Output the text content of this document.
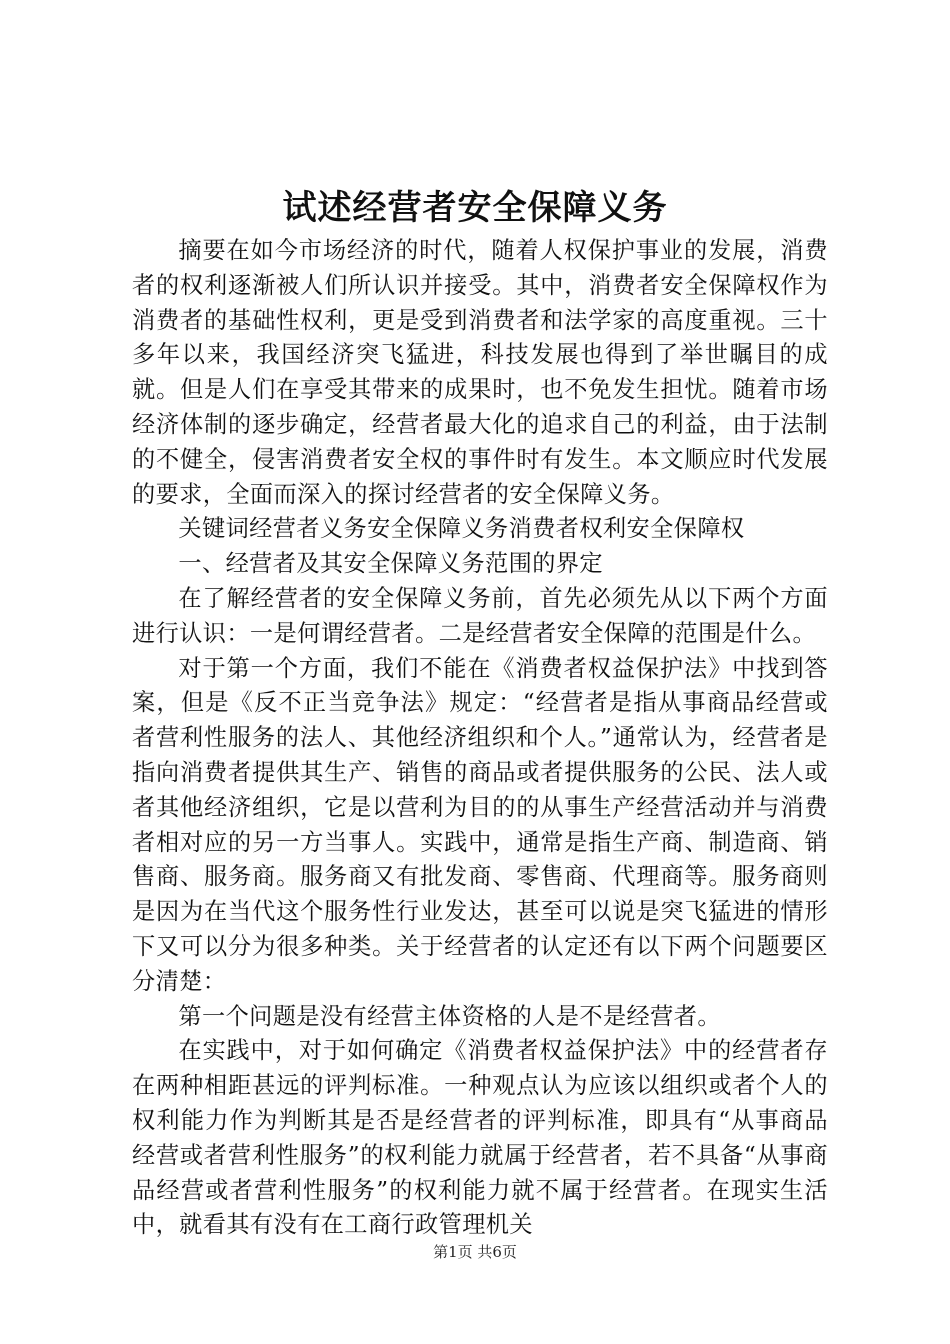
试述经营者安全保障义务

摘要在如今市场经济的时代，随着人权保护事业的发展，消费者的权利逐渐被人们所认识并接受。其中，消费者安全保障权作为消费者的基础性权利，更是受到消费者和法学家的高度重视。三十多年以来，我国经济突飞猛进，科技发展也得到了举世瞩目的成就。但是人们在享受其带来的成果时，也不免发生担忧。随着市场经济体制的逐步确定，经营者最大化的追求自己的利益，由于法制的不健全，侵害消费者安全权的事件时有发生。本文顺应时代发展的要求，全面而深入的探讨经营者的安全保障义务。

关键词经营者义务安全保障义务消费者权利安全保障权

一、经营者及其安全保障义务范围的界定

在了解经营者的安全保障义务前，首先必须先从以下两个方面进行认识：一是何谓经营者。二是经营者安全保障的范围是什么。

对于第一个方面，我们不能在《消费者权益保护法》中找到答案，但是《反不正当竞争法》规定：“经营者是指从事商品经营或者营利性服务的法人、其他经济组织和个人。”通常认为，经营者是指向消费者提供其生产、销售的商品或者提供服务的公民、法人或者其他经济组织，它是以营利为目的的从事生产经营活动并与消费者相对应的另一方当事人。实践中，通常是指生产商、制造商、销售商、服务商。服务商又有批发商、零售商、代理商等。服务商则是因为在当代这个服务性行业发达，甚至可以说是突飞猛进的情形下又可以分为很多种类。关于经营者的认定还有以下两个问题要区分清楚：

第一个问题是没有经营主体资格的人是不是经营者。

在实践中，对于如何确定《消费者权益保护法》中的经营者存在两种相距甚远的评判标准。一种观点认为应该以组织或者个人的权利能力作为判断其是否是经营者的评判标准，即具有“从事商品经营或者营利性服务”的权利能力就属于经营者，若不具备“从事商品经营或者营利性服务”的权利能力就不属于经营者。在现实生活中，就看其有没有在工商行政管理机关

第1页 共6页
